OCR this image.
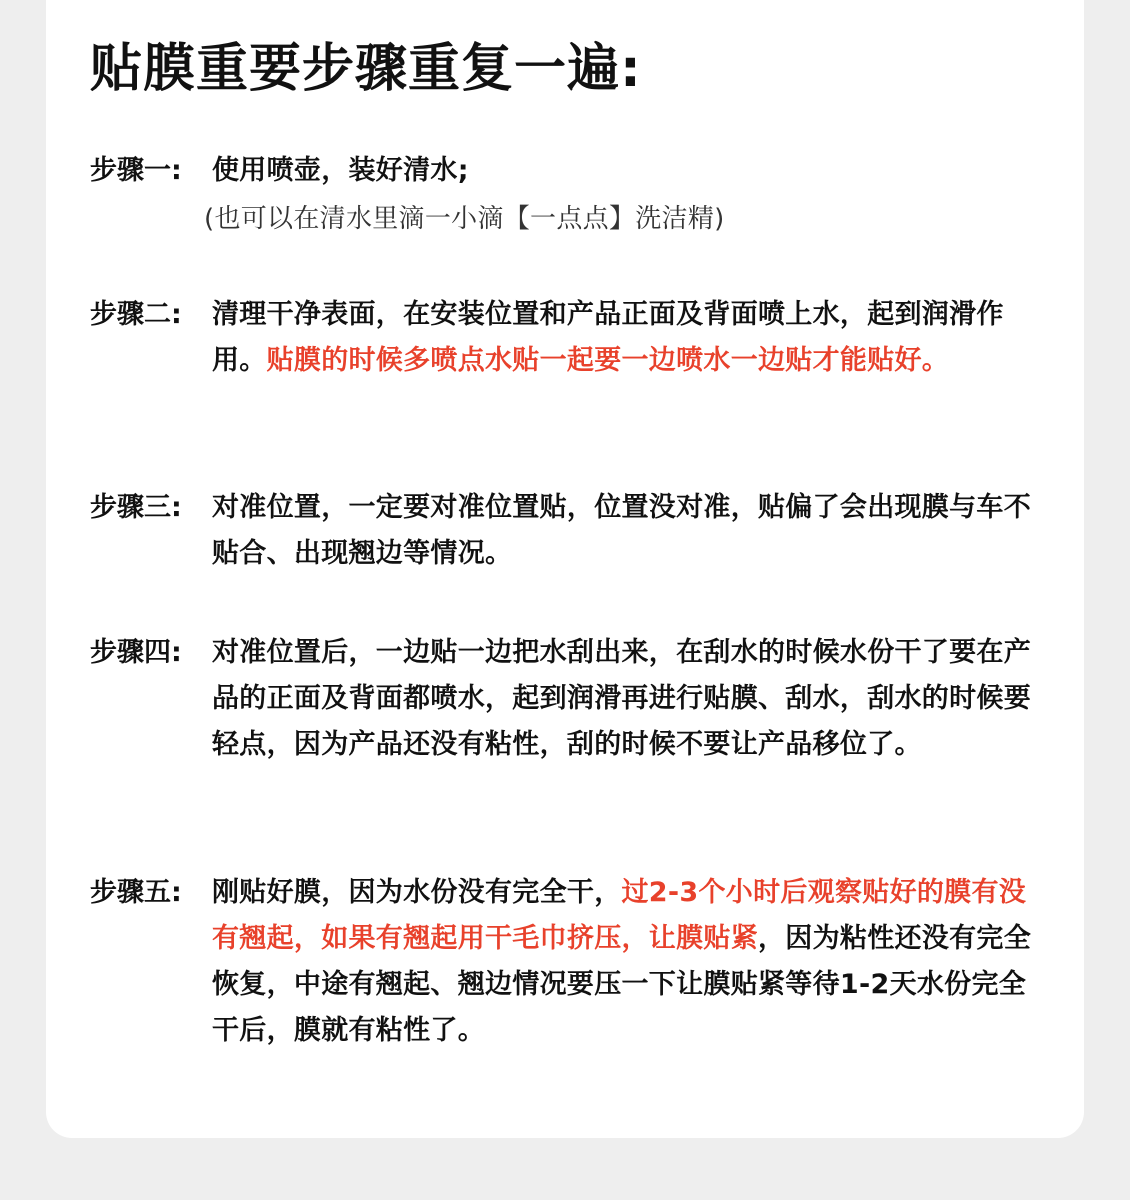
贴膜重要步骤重复一遍:
步骤一:	使用喷壶，装好清水;
(也可以在清水里滴一小滴【一点点】洗洁精)
步骤二:	清理干净表面，在安装位置和产品正面及背面喷上水，起到润滑作用。贴膜的时候多喷点水贴一起要一边喷水一边贴才能贴好。
步骤三:	对准位置，一定要对准位置贴，位置没对准，贴偏了会出现膜与车不贴合、出现翘边等情况。
步骤四:	对准位置后，一边贴一边把水刮出来，在刮水的时候水份干了要在产品的正面及背面都喷水，起到润滑再进行贴膜、刮水，刮水的时候要轻点，因为产品还没有粘性，刮的时候不要让产品移位了。
步骤五:	刚贴好膜，因为水份没有完全干，过2-3个小时后观察贴好的膜有没有翘起，如果有翘起用干毛巾挤压，让膜贴紧，因为粘性还没有完全恢复，中途有翘起、翘边情况要压一下让膜贴紧等待1-2天水份完全干后，膜就有粘性了。
